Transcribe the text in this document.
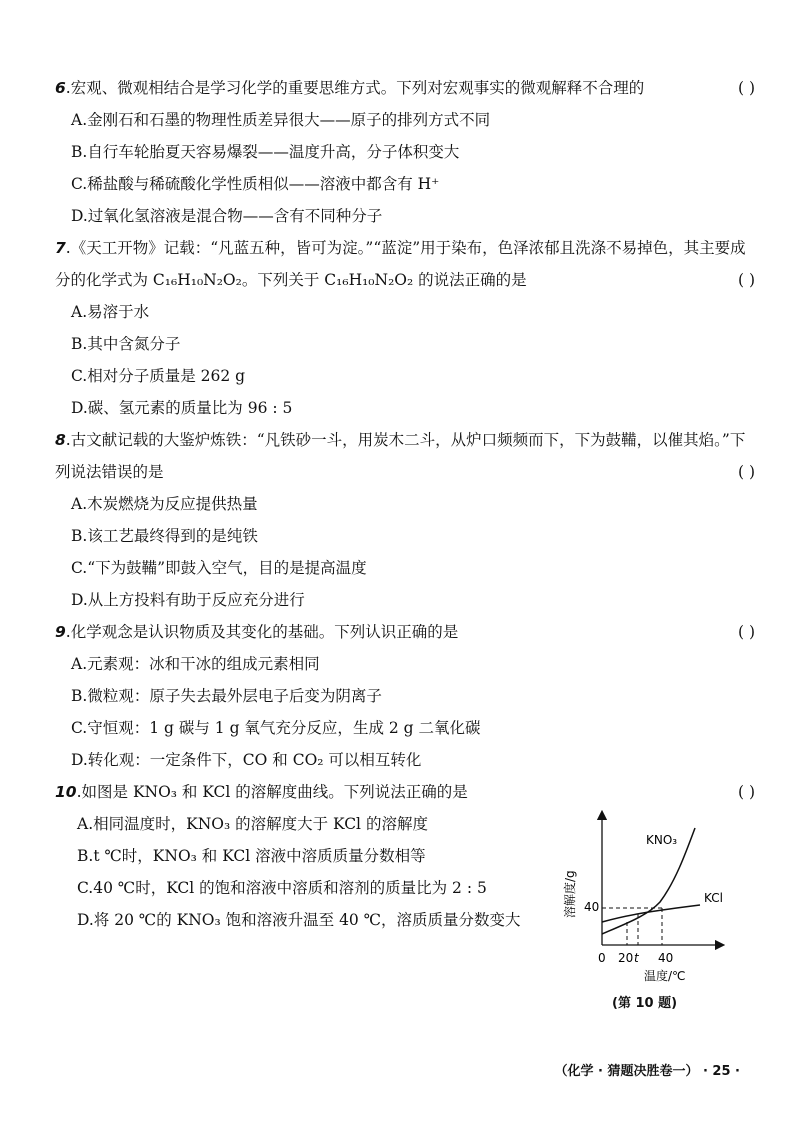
6.宏观、微观相结合是学习化学的重要思维方式。下列对宏观事实的微观解释不合理的	( )
A.金刚石和石墨的物理性质差异很大——原子的排列方式不同
B.自行车轮胎夏天容易爆裂——温度升高，分子体积变大
C.稀盐酸与稀硫酸化学性质相似——溶液中都含有 H⁺
D.过氧化氢溶液是混合物——含有不同种分子
7.《天工开物》记载：“凡蓝五种，皆可为淀。”“蓝淀”用于染布，色泽浓郁且洗涤不易掉色，其主要成
分的化学式为 C₁₆H₁₀N₂O₂。下列关于 C₁₆H₁₀N₂O₂ 的说法正确的是	( )
A.易溶于水
B.其中含氮分子
C.相对分子质量是 262 g
D.碳、氢元素的质量比为 96 : 5
8.古文献记载的大鉴炉炼铁：“凡铁砂一斗，用炭木二斗，从炉口频频而下，下为鼓鞴，以催其焰。”下
列说法错误的是	( )
A.木炭燃烧为反应提供热量
B.该工艺最终得到的是纯铁
C.“下为鼓鞴”即鼓入空气，目的是提高温度
D.从上方投料有助于反应充分进行
9.化学观念是认识物质及其变化的基础。下列认识正确的是	( )
A.元素观：冰和干冰的组成元素相同
B.微粒观：原子失去最外层电子后变为阴离子
C.守恒观：1 g 碳与 1 g 氧气充分反应，生成 2 g 二氧化碳
D.转化观：一定条件下，CO 和 CO₂ 可以相互转化
10.如图是 KNO₃ 和 KCl 的溶解度曲线。下列说法正确的是	( )
A.相同温度时，KNO₃ 的溶解度大于 KCl 的溶解度
B.t ℃时，KNO₃ 和 KCl 溶液中溶质质量分数相等
C.40 ℃时，KCl 的饱和溶液中溶质和溶剂的质量比为 2 : 5
D.将 20 ℃的 KNO₃ 饱和溶液升温至 40 ℃，溶质质量分数变大
溶解度/g
温度/℃
40
0 20 t 40
KNO₃
KCl
(第 10 题)
（化学 · 猜题决胜卷一） · 25 ·
